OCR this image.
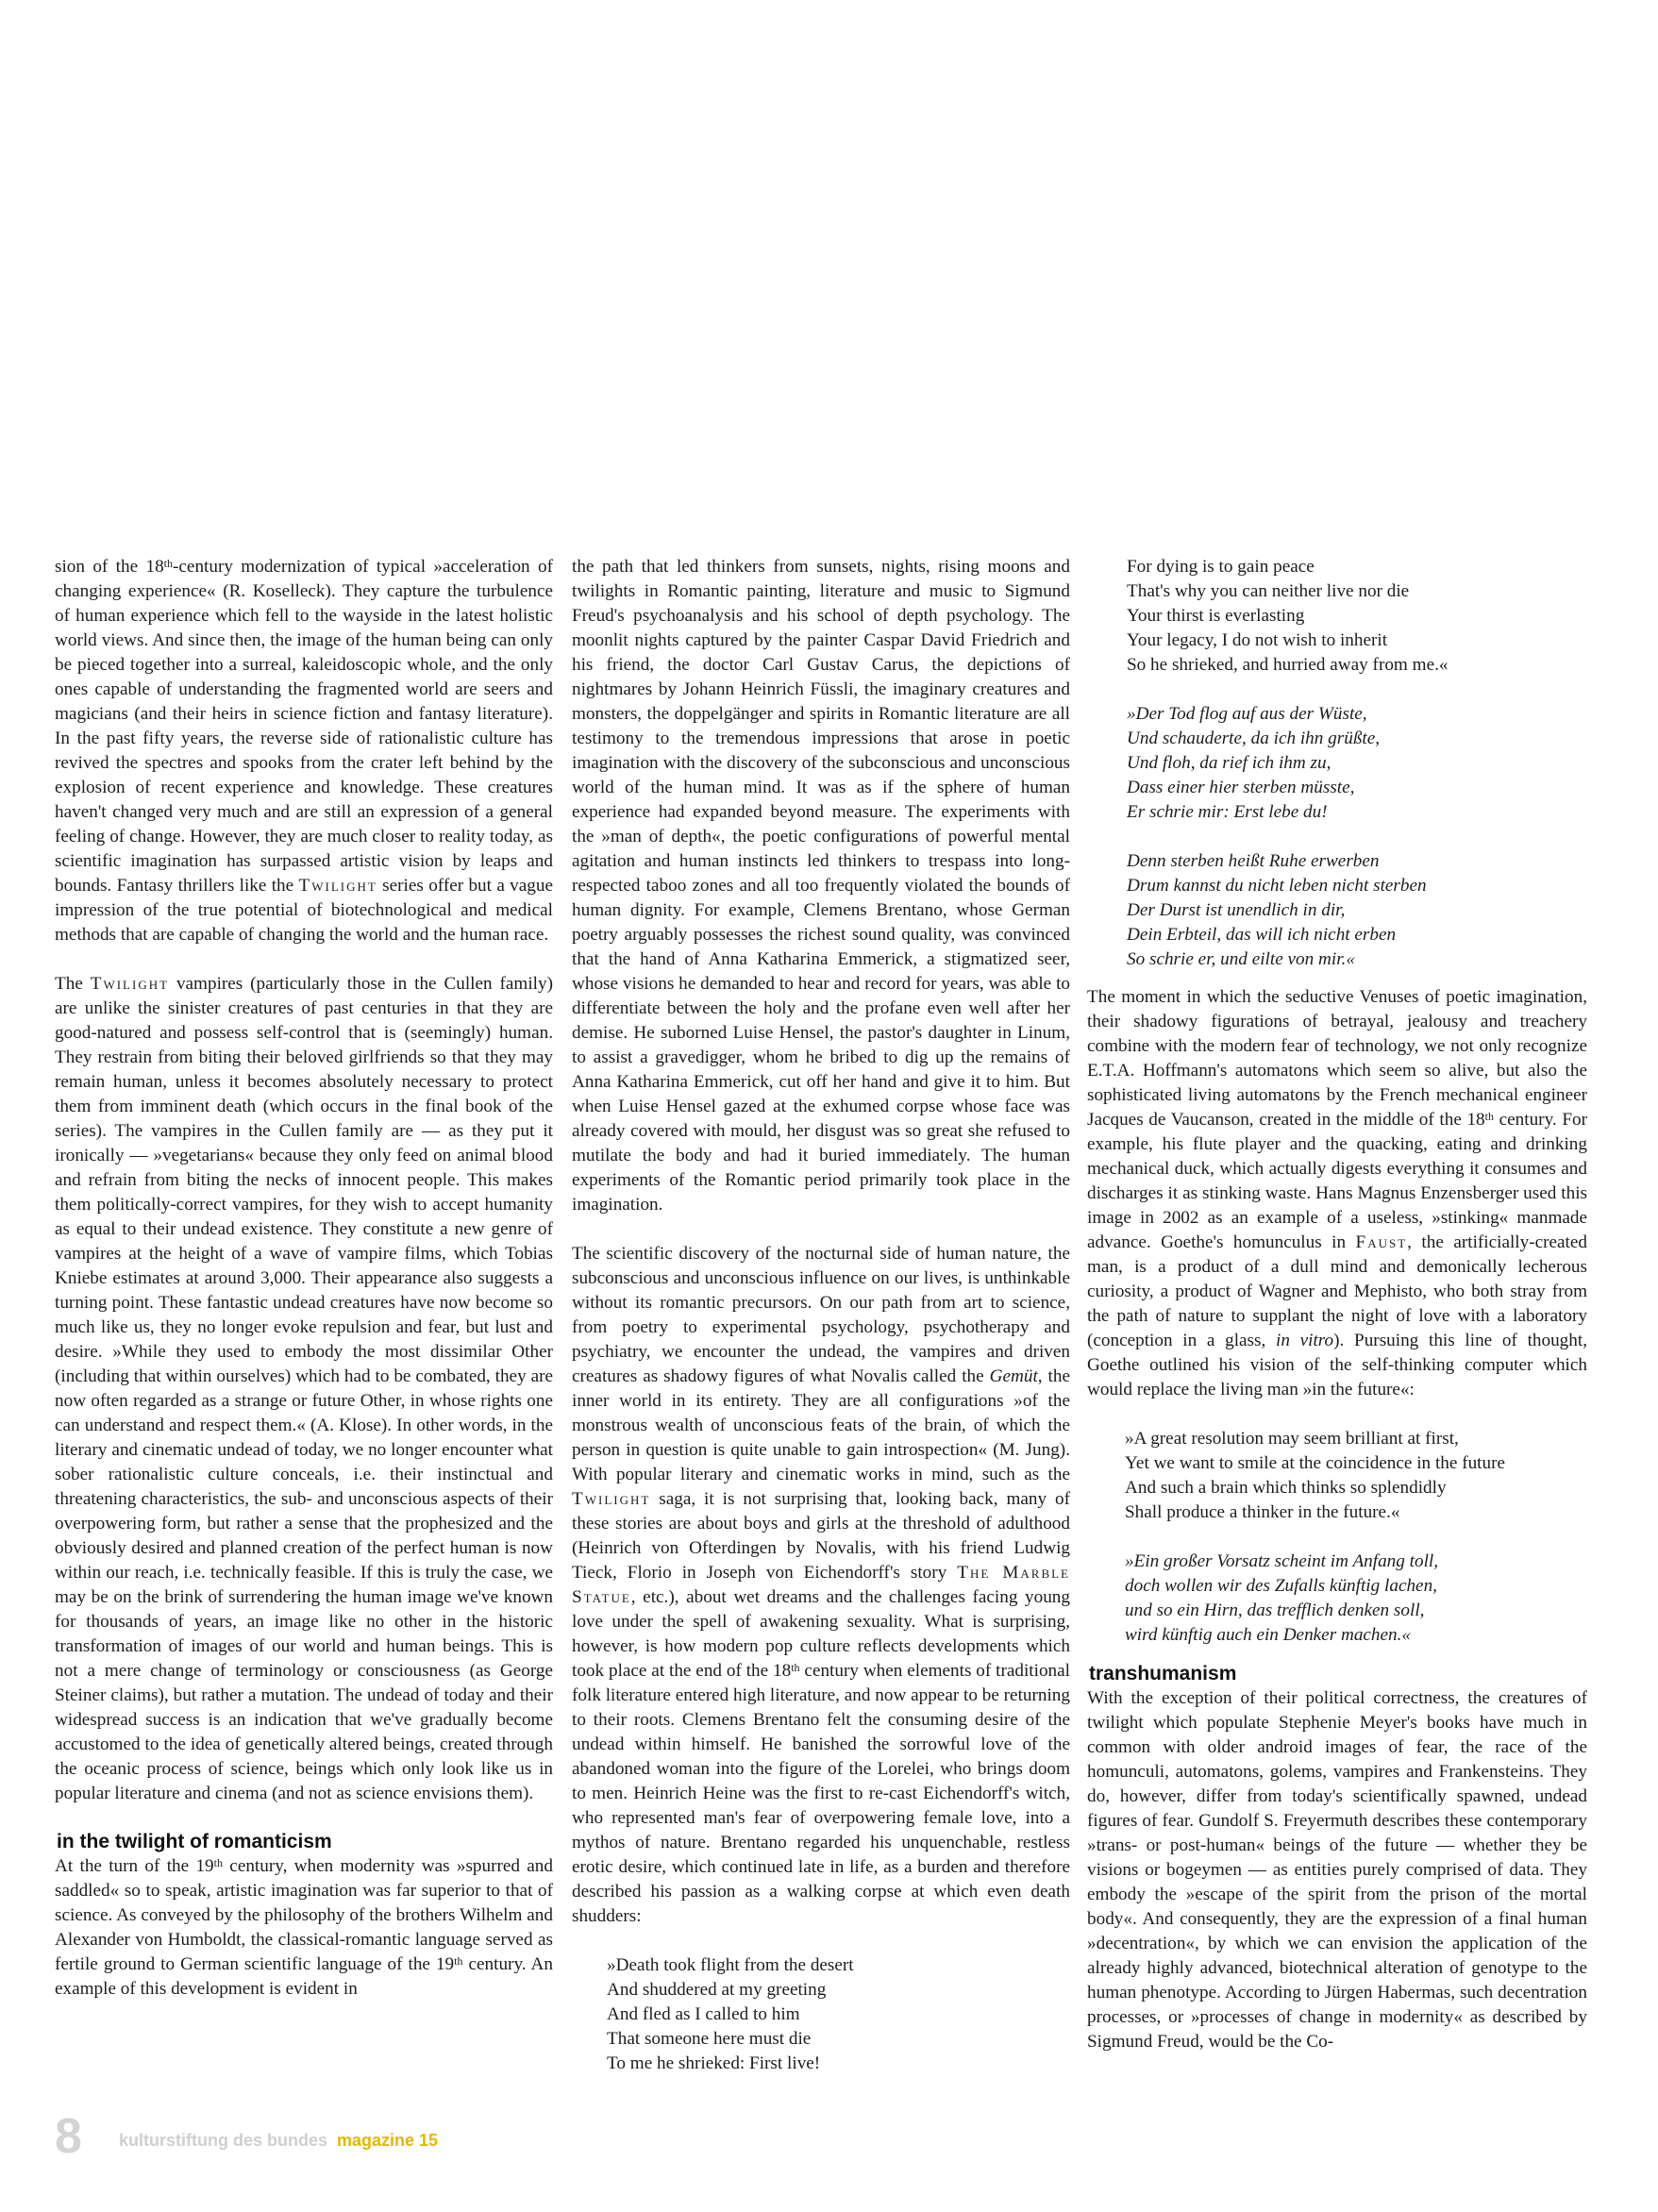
sion of the 18th-century modernization of typical »acceleration of changing experience« (R. Koselleck). They capture the turbulence of human experience which fell to the wayside in the latest holistic world views. And since then, the image of the human being can only be pieced together into a surreal, kaleidoscopic whole, and the only ones capable of understanding the fragmented world are seers and magicians (and their heirs in science fiction and fantasy literature). In the past fifty years, the reverse side of rationalistic culture has revived the spectres and spooks from the crater left behind by the explosion of recent experience and knowledge. These creatures haven't changed very much and are still an expression of a general feeling of change. However, they are much closer to reality today, as scientific imagination has surpassed artistic vision by leaps and bounds. Fantasy thrillers like the Twilight series offer but a vague impression of the true potential of biotechnological and medical methods that are capable of changing the world and the human race.

The Twilight vampires (particularly those in the Cullen family) are unlike the sinister creatures of past centuries in that they are good-natured and possess self-control that is (seemingly) human. They restrain from biting their beloved girlfriends so that they may remain human, unless it becomes absolutely necessary to protect them from imminent death (which occurs in the final book of the series). The vampires in the Cullen family are — as they put it ironically — »vegetarians« because they only feed on animal blood and refrain from biting the necks of innocent people. This makes them politically-correct vampires, for they wish to accept humanity as equal to their undead existence. They constitute a new genre of vampires at the height of a wave of vampire films, which Tobias Kniebe estimates at around 3,000. Their appearance also suggests a turning point. These fantastic undead creatures have now become so much like us, they no longer evoke repulsion and fear, but lust and desire. »While they used to embody the most dissimilar Other (including that within ourselves) which had to be combated, they are now often regarded as a strange or future Other, in whose rights one can understand and respect them.« (A. Klose). In other words, in the literary and cinematic undead of today, we no longer encounter what sober rationalistic culture conceals, i.e. their instinctual and threatening characteristics, the sub- and unconscious aspects of their overpowering form, but rather a sense that the prophesized and the obviously desired and planned creation of the perfect human is now within our reach, i.e. technically feasible. If this is truly the case, we may be on the brink of surrendering the human image we've known for thousands of years, an image like no other in the historic transformation of images of our world and human beings. This is not a mere change of terminology or consciousness (as George Steiner claims), but rather a mutation. The undead of today and their widespread success is an indication that we've gradually become accustomed to the idea of genetically altered beings, created through the oceanic process of science, beings which only look like us in popular literature and cinema (and not as science envisions them).

in the twilight of romanticism

At the turn of the 19th century, when modernity was »spurred and saddled« so to speak, artistic imagination was far superior to that of science. As conveyed by the philosophy of the brothers Wilhelm and Alexander von Humboldt, the classical-romantic language served as fertile ground to German scientific language of the 19th century. An example of this development is evident in

the path that led thinkers from sunsets, nights, rising moons and twilights in Romantic painting, literature and music to Sigmund Freud's psychoanalysis and his school of depth psychology. The moonlit nights captured by the painter Caspar David Friedrich and his friend, the doctor Carl Gustav Carus, the depictions of nightmares by Johann Heinrich Füssli, the imaginary creatures and monsters, the doppelgänger and spirits in Romantic literature are all testimony to the tremendous impressions that arose in poetic imagination with the discovery of the subconscious and unconscious world of the human mind. It was as if the sphere of human experience had expanded beyond measure. The experiments with the »man of depth«, the poetic configurations of powerful mental agitation and human instincts led thinkers to trespass into long-respected taboo zones and all too frequently violated the bounds of human dignity. For example, Clemens Brentano, whose German poetry arguably possesses the richest sound quality, was convinced that the hand of Anna Katharina Emmerick, a stigmatized seer, whose visions he demanded to hear and record for years, was able to differentiate between the holy and the profane even well after her demise. He suborned Luise Hensel, the pastor's daughter in Linum, to assist a gravedigger, whom he bribed to dig up the remains of Anna Katharina Emmerick, cut off her hand and give it to him. But when Luise Hensel gazed at the exhumed corpse whose face was already covered with mould, her disgust was so great she refused to mutilate the body and had it buried immediately. The human experiments of the Romantic period primarily took place in the imagination.

The scientific discovery of the nocturnal side of human nature, the subconscious and unconscious influence on our lives, is unthinkable without its romantic precursors. On our path from art to science, from poetry to experimental psychology, psychotherapy and psychiatry, we encounter the undead, the vampires and driven creatures as shadowy figures of what Novalis called the Gemüt, the inner world in its entirety. They are all configurations »of the monstrous wealth of unconscious feats of the brain, of which the person in question is quite unable to gain introspection« (M. Jung). With popular literary and cinematic works in mind, such as the Twilight saga, it is not surprising that, looking back, many of these stories are about boys and girls at the threshold of adulthood (Heinrich von Ofterdingen by Novalis, with his friend Ludwig Tieck, Florio in Joseph von Eichendorff's story The Marble Statue, etc.), about wet dreams and the challenges facing young love under the spell of awakening sexuality. What is surprising, however, is how modern pop culture reflects developments which took place at the end of the 18th century when elements of traditional folk literature entered high literature, and now appear to be returning to their roots. Clemens Brentano felt the consuming desire of the undead within himself. He banished the sorrowful love of the abandoned woman into the figure of the Lorelei, who brings doom to men. Heinrich Heine was the first to re-cast Eichendorff's witch, who represented man's fear of overpowering female love, into a mythos of nature. Brentano regarded his unquenchable, restless erotic desire, which continued late in life, as a burden and therefore described his passion as a walking corpse at which even death shudders:

»Death took flight from the desert
And shuddered at my greeting
And fled as I called to him
That someone here must die
To me he shrieked: First live!
For dying is to gain peace
That's why you can neither live nor die
Your thirst is everlasting
Your legacy, I do not wish to inherit
So he shrieked, and hurried away from me.«
»Der Tod flog auf aus der Wüste,
Und schauderte, da ich ihn grüßte,
Und floh, da rief ich ihm zu,
Dass einer hier sterben müsste,
Er schrie mir: Erst lebe du!
Denn sterben heißt Ruhe erwerben
Drum kannst du nicht leben nicht sterben
Der Durst ist unendlich in dir,
Dein Erbteil, das will ich nicht erben
So schrie er, und eilte von mir.«

The moment in which the seductive Venuses of poetic imagination, their shadowy figurations of betrayal, jealousy and treachery combine with the modern fear of technology, we not only recognize E.T.A. Hoffmann's automatons which seem so alive, but also the sophisticated living automatons by the French mechanical engineer Jacques de Vaucanson, created in the middle of the 18th century. For example, his flute player and the quacking, eating and drinking mechanical duck, which actually digests everything it consumes and discharges it as stinking waste. Hans Magnus Enzensberger used this image in 2002 as an example of a useless, »stinking« manmade advance. Goethe's homunculus in Faust, the artificially-created man, is a product of a dull mind and demonically lecherous curiosity, a product of Wagner and Mephisto, who both stray from the path of nature to supplant the night of love with a laboratory (conception in a glass, in vitro). Pursuing this line of thought, Goethe outlined his vision of the self-thinking computer which would replace the living man »in the future«:

»A great resolution may seem brilliant at first,
Yet we want to smile at the coincidence in the future
And such a brain which thinks so splendidly
Shall produce a thinker in the future.«
»Ein großer Vorsatz scheint im Anfang toll,
doch wollen wir des Zufalls künftig lachen,
und so ein Hirn, das trefflich denken soll,
wird künftig auch ein Denker machen.«
transhumanism

With the exception of their political correctness, the creatures of twilight which populate Stephenie Meyer's books have much in common with older android images of fear, the race of the homunculi, automatons, golems, vampires and Frankensteins. They do, however, differ from today's scientifically spawned, undead figures of fear. Gundolf S. Freyermuth describes these contemporary »trans- or post-human« beings of the future — whether they be visions or bogeymen — as entities purely comprised of data. They embody the »escape of the spirit from the prison of the mortal body«. And consequently, they are the expression of a final human »decentration«, by which we can envision the application of the already highly advanced, biotechnical alteration of genotype to the human phenotype. According to Jürgen Habermas, such decentration processes, or »processes of change in modernity« as described by Sigmund Freud, would be the Co-

8 kulturstiftung des bundes magazine 15
